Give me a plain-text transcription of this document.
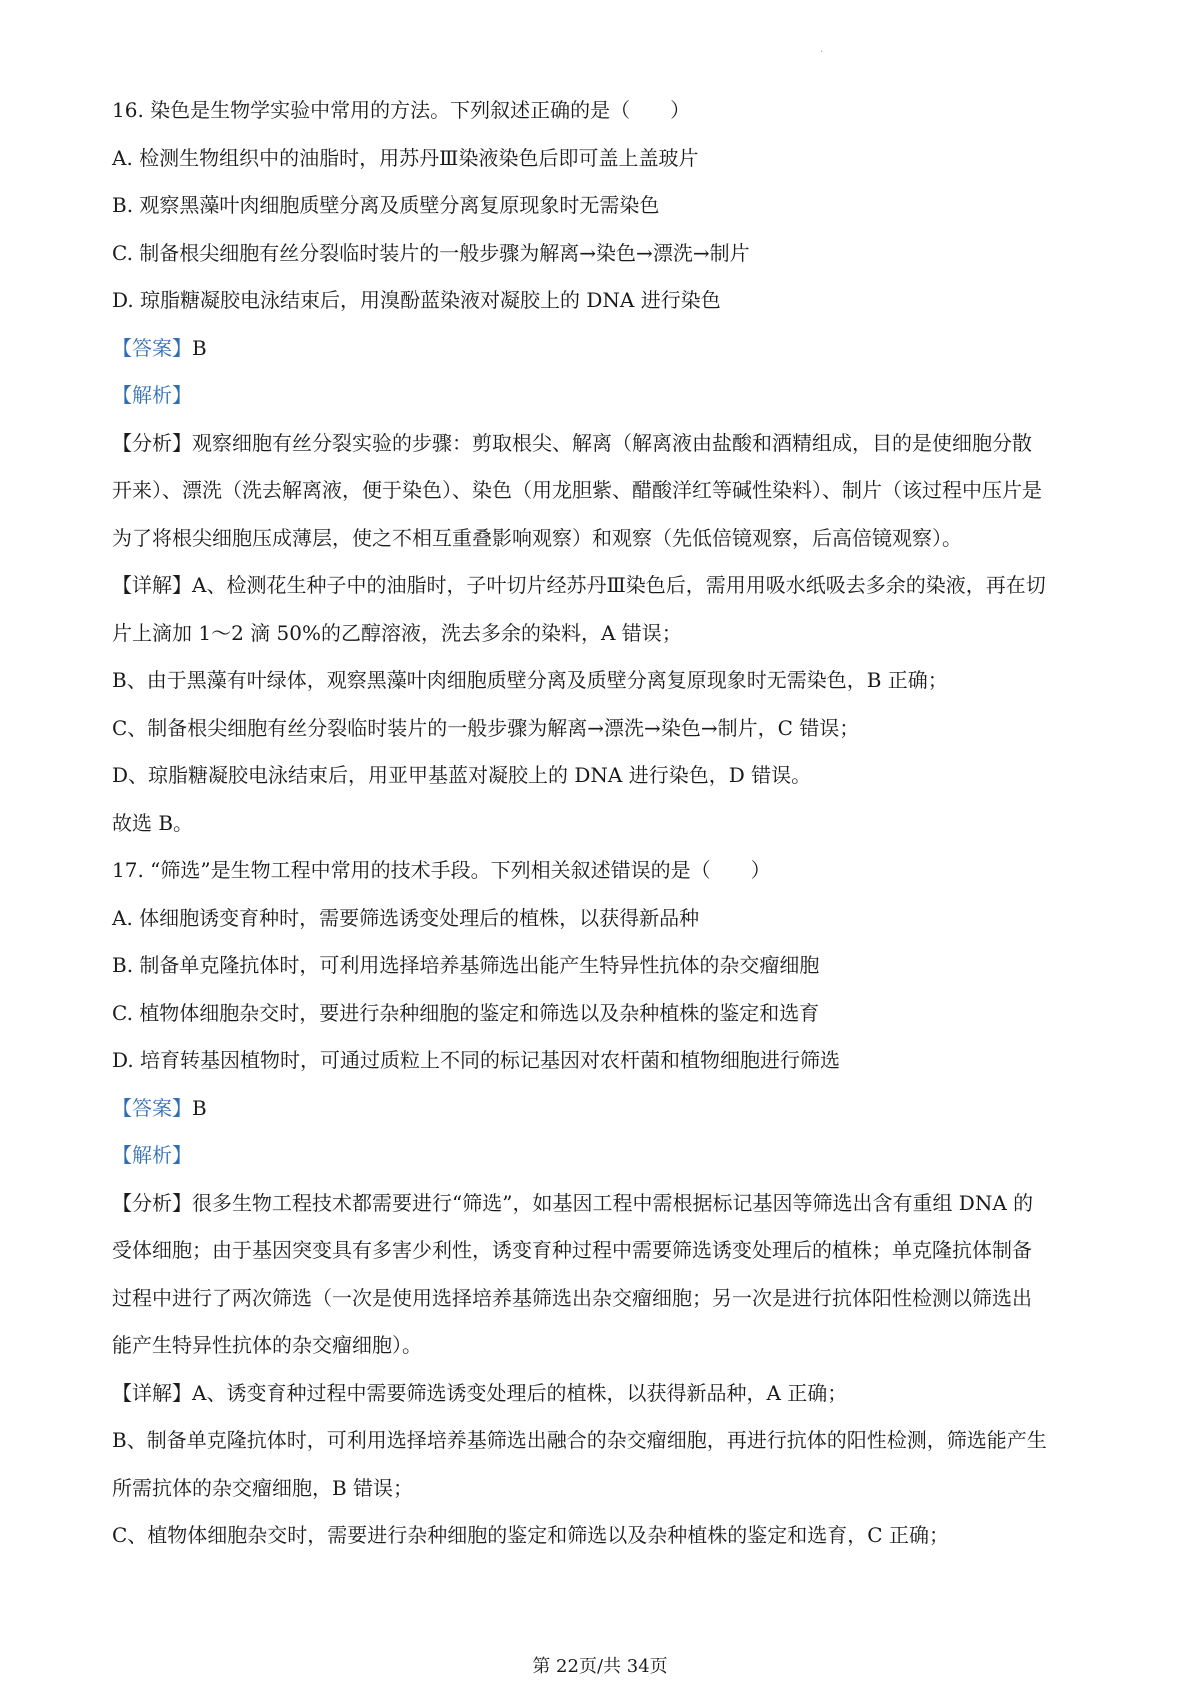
.
16. 染色是生物学实验中常用的方法。下列叙述正确的是（　　）
A. 检测生物组织中的油脂时，用苏丹Ⅲ染液染色后即可盖上盖玻片
B. 观察黑藻叶肉细胞质壁分离及质壁分离复原现象时无需染色
C. 制备根尖细胞有丝分裂临时装片的一般步骤为解离→染色→漂洗→制片
D. 琼脂糖凝胶电泳结束后，用溴酚蓝染液对凝胶上的 DNA 进行染色
【答案】B
【解析】
【分析】观察细胞有丝分裂实验的步骤：剪取根尖、解离（解离液由盐酸和酒精组成，目的是使细胞分散
开来）、漂洗（洗去解离液，便于染色）、染色（用龙胆紫、醋酸洋红等碱性染料）、制片（该过程中压片是
为了将根尖细胞压成薄层，使之不相互重叠影响观察）和观察（先低倍镜观察，后高倍镜观察）。
【详解】A、检测花生种子中的油脂时，子叶切片经苏丹Ⅲ染色后，需用用吸水纸吸去多余的染液，再在切
片上滴加 1～2 滴 50%的乙醇溶液，洗去多余的染料，A 错误；
B、由于黑藻有叶绿体，观察黑藻叶肉细胞质壁分离及质壁分离复原现象时无需染色，B 正确；
C、制备根尖细胞有丝分裂临时装片的一般步骤为解离→漂洗→染色→制片，C 错误；
D、琼脂糖凝胶电泳结束后，用亚甲基蓝对凝胶上的 DNA 进行染色，D 错误。
故选 B。
17. “筛选”是生物工程中常用的技术手段。下列相关叙述错误的是（　　）
A. 体细胞诱变育种时，需要筛选诱变处理后的植株，以获得新品种
B. 制备单克隆抗体时，可利用选择培养基筛选出能产生特异性抗体的杂交瘤细胞
C. 植物体细胞杂交时，要进行杂种细胞的鉴定和筛选以及杂种植株的鉴定和选育
D. 培育转基因植物时，可通过质粒上不同的标记基因对农杆菌和植物细胞进行筛选
【答案】B
【解析】
【分析】很多生物工程技术都需要进行“筛选”，如基因工程中需根据标记基因等筛选出含有重组 DNA 的
受体细胞；由于基因突变具有多害少利性，诱变育种过程中需要筛选诱变处理后的植株；单克隆抗体制备
过程中进行了两次筛选（一次是使用选择培养基筛选出杂交瘤细胞；另一次是进行抗体阳性检测以筛选出
能产生特异性抗体的杂交瘤细胞）。
【详解】A、诱变育种过程中需要筛选诱变处理后的植株，以获得新品种，A 正确；
B、制备单克隆抗体时，可利用选择培养基筛选出融合的杂交瘤细胞，再进行抗体的阳性检测，筛选能产生
所需抗体的杂交瘤细胞，B 错误；
C、植物体细胞杂交时，需要进行杂种细胞的鉴定和筛选以及杂种植株的鉴定和选育，C 正确；
第 22页/共 34页
